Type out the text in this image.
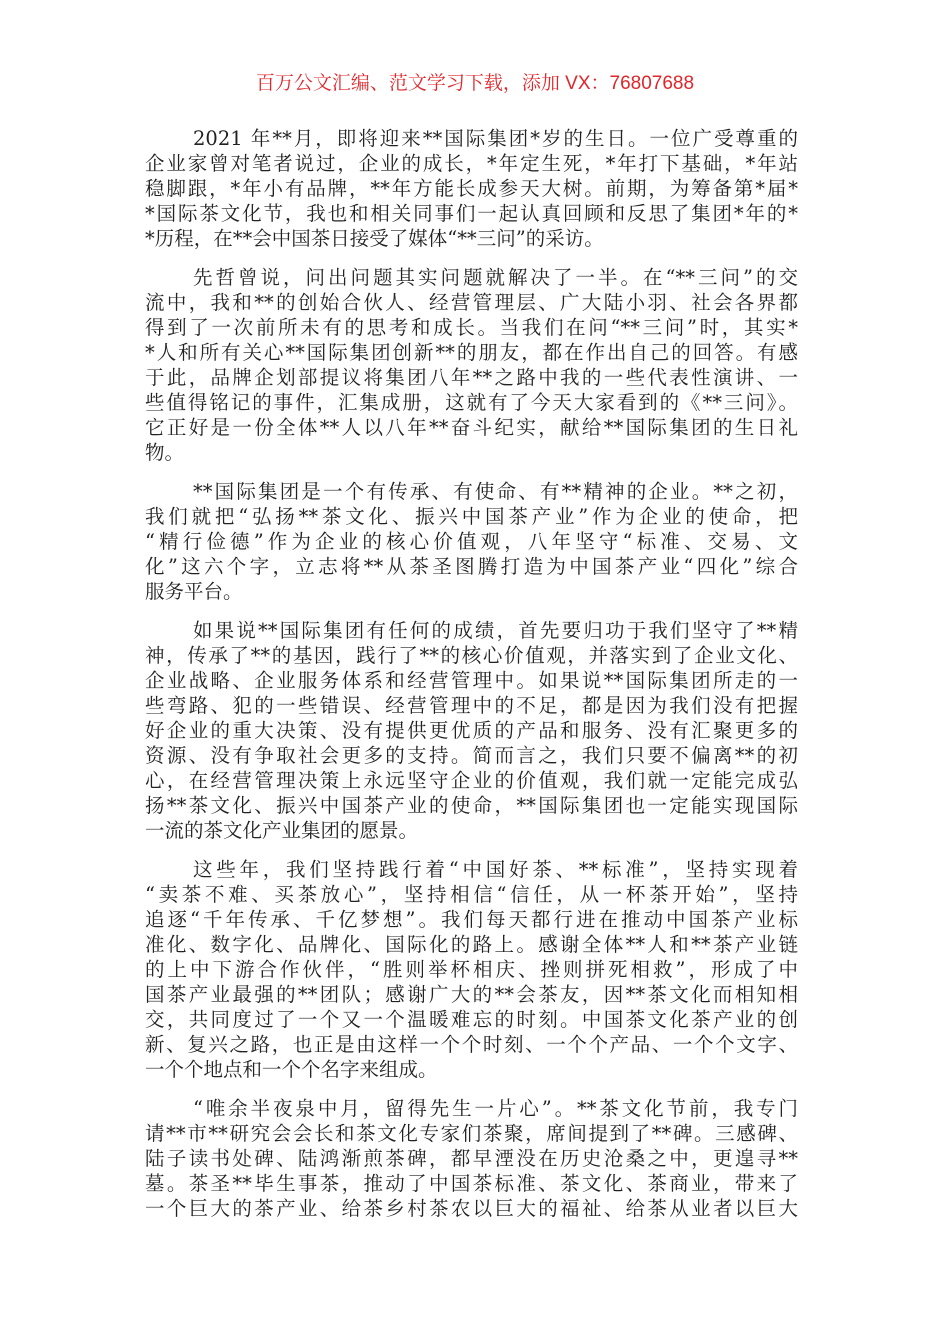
百万公文汇编、范文学习下载，添加 VX：76807688
2021 年**月，即将迎来**国际集团*岁的生日。一位广受尊重的
企业家曾对笔者说过，企业的成长，*年定生死，*年打下基础，*年站
稳脚跟，*年小有品牌，**年方能长成参天大树。前期，为筹备第*届*
*国际茶文化节，我也和相关同事们一起认真回顾和反思了集团*年的*
*历程，在**会中国茶日接受了媒体“**三问”的采访。
先哲曾说，问出问题其实问题就解决了一半。在“**三问”的交
流中，我和**的创始合伙人、经营管理层、广大陆小羽、社会各界都
得到了一次前所未有的思考和成长。当我们在问“**三问”时，其实*
*人和所有关心**国际集团创新**的朋友，都在作出自己的回答。有感
于此，品牌企划部提议将集团八年**之路中我的一些代表性演讲、一
些值得铭记的事件，汇集成册，这就有了今天大家看到的《**三问》。
它正好是一份全体**人以八年**奋斗纪实，献给**国际集团的生日礼
物。
**国际集团是一个有传承、有使命、有**精神的企业。**之初，
我们就把“弘扬**茶文化、振兴中国茶产业”作为企业的使命，把
“精行俭德”作为企业的核心价值观，八年坚守“标准、交易、文
化”这六个字，立志将**从茶圣图腾打造为中国茶产业“四化”综合
服务平台。
如果说**国际集团有任何的成绩，首先要归功于我们坚守了**精
神，传承了**的基因，践行了**的核心价值观，并落实到了企业文化、
企业战略、企业服务体系和经营管理中。如果说**国际集团所走的一
些弯路、犯的一些错误、经营管理中的不足，都是因为我们没有把握
好企业的重大决策、没有提供更优质的产品和服务、没有汇聚更多的
资源、没有争取社会更多的支持。简而言之，我们只要不偏离**的初
心，在经营管理决策上永远坚守企业的价值观，我们就一定能完成弘
扬**茶文化、振兴中国茶产业的使命，**国际集团也一定能实现国际
一流的茶文化产业集团的愿景。
这些年，我们坚持践行着“中国好茶、**标准”，坚持实现着
“卖茶不难、买茶放心”，坚持相信“信任，从一杯茶开始”，坚持
追逐“千年传承、千亿梦想”。我们每天都行进在推动中国茶产业标
准化、数字化、品牌化、国际化的路上。感谢全体**人和**茶产业链
的上中下游合作伙伴，“胜则举杯相庆、挫则拼死相救”，形成了中
国茶产业最强的**团队；感谢广大的**会茶友，因**茶文化而相知相
交，共同度过了一个又一个温暖难忘的时刻。中国茶文化茶产业的创
新、复兴之路，也正是由这样一个个时刻、一个个产品、一个个文字、
一个个地点和一个个名字来组成。
“唯余半夜泉中月，留得先生一片心”。**茶文化节前，我专门
请**市**研究会会长和茶文化专家们茶聚，席间提到了**碑。三感碑、
陆子读书处碑、陆鸿渐煎茶碑，都早湮没在历史沧桑之中，更遑寻**
墓。茶圣**毕生事茶，推动了中国茶标准、茶文化、茶商业，带来了
一个巨大的茶产业、给茶乡村茶农以巨大的福祉、给茶从业者以巨大
